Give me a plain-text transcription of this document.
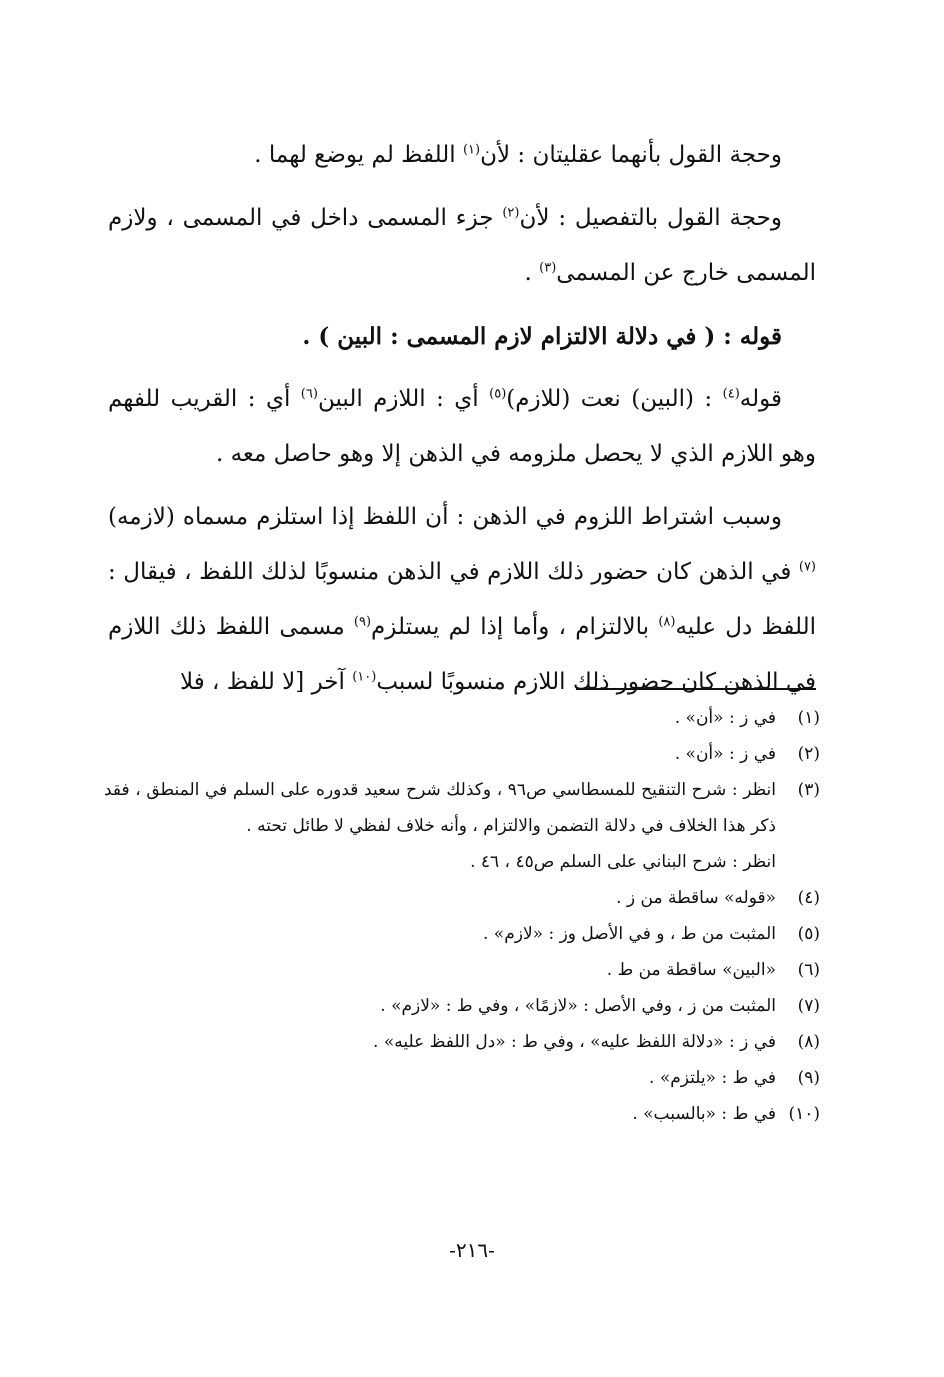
وحجة القول بأنهما عقليتان : لأن$^{(١)}$ اللفظ لم يوضع لهما .

وحجة القول بالتفصيل : لأن$^{(٢)}$ جزء المسمى داخل في المسمى ، ولازم المسمى خارج عن المسمى$^{(٣)}$ .

قوله : ( في دلالة الالتزام لازم المسمى : البين ) .

قوله$^{(٤)}$ : (البين) نعت (للازم)$^{(٥)}$ أي : اللازم البين$^{(٦)}$ أي : القريب للفهم وهو اللازم الذي لا يحصل ملزومه في الذهن إلا وهو حاصل معه .

وسبب اشتراط اللزوم في الذهن : أن اللفظ إذا استلزم مسماه (لازمه)$^{(٧)}$ في الذهن كان حضور ذلك اللازم في الذهن منسوبًا لذلك اللفظ ، فيقال : اللفظ دل عليه$^{(٨)}$ بالالتزام ، وأما إذا لم يستلزم$^{(٩)}$ مسمى اللفظ ذلك اللازم في الذهن كان حضور ذلك اللازم منسوبًا لسبب$^{(١٠)}$ آخر [لا للفظ ، فلا

(١)
في ز : «أن» .
(٢)
في ز : «أن» .
(٣)
انظر : شرح التنقيح للمسطاسي ص٩٦ ، وكذلك شرح سعيد قدوره على السلم في المنطق ، فقد ذكر هذا الخلاف في دلالة التضمن والالتزام ، وأنه خلاف لفظي لا طائل تحته .
انظر : شرح البناني على السلم ص٤٥ ، ٤٦ .
(٤)
«قوله» ساقطة من ز .
(٥)
المثبت من ط ، و في الأصل وز : «لازم» .
(٦)
«البين» ساقطة من ط .
(٧)
المثبت من ز ، وفي الأصل : «لازمًا» ، وفي ط : «لازم» .
(٨)
في ز : «دلالة اللفظ عليه» ، وفي ط : «دل اللفظ عليه» .
(٩)
في ط : «يلتزم» .
(١٠)
في ط : «بالسبب» .
-٢١٦-
